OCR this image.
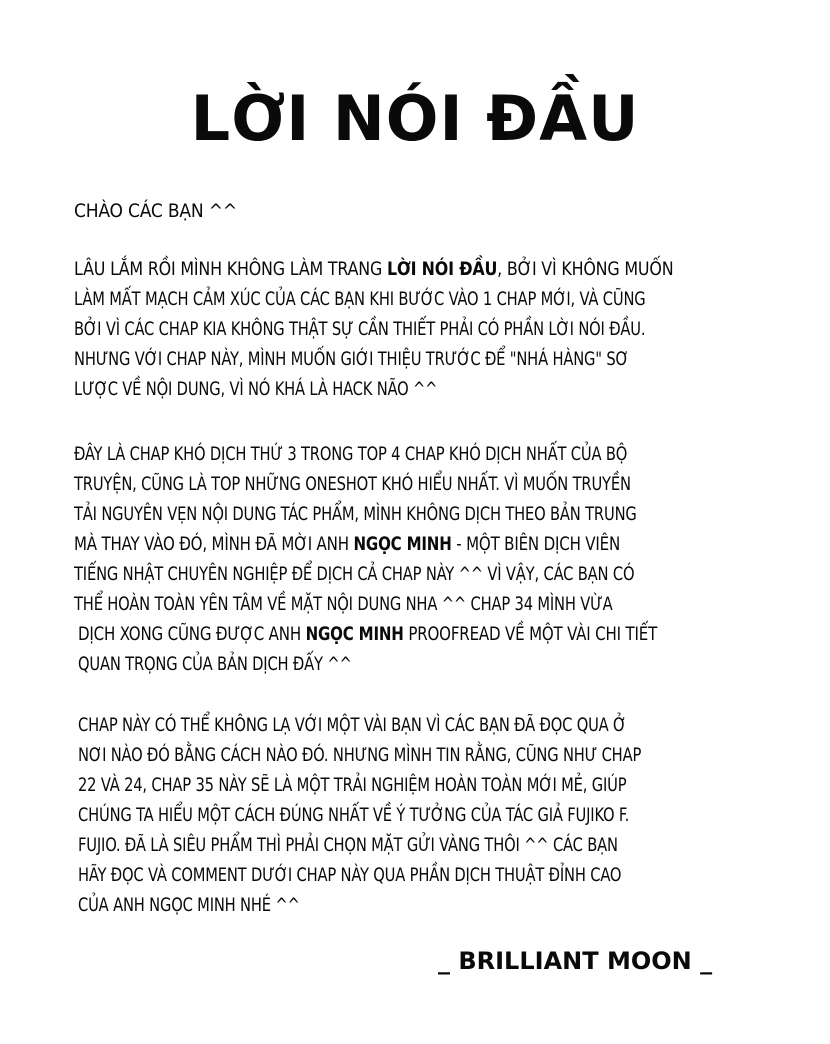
LỜI NÓI ĐẦU
CHÀO CÁC BẠN ^^
LÂU LẮM RỒI MÌNH KHÔNG LÀM TRANG LỜI NÓI ĐẦU, BỞI VÌ KHÔNG MUỐN
LÀM MẤT MẠCH CẢM XÚC CỦA CÁC BẠN KHI BƯỚC VÀO 1 CHAP MỚI, VÀ CŨNG
BỞI VÌ CÁC CHAP KIA KHÔNG THẬT SỰ CẦN THIẾT PHẢI CÓ PHẦN LỜI NÓI ĐẦU.
NHƯNG VỚI CHAP NÀY, MÌNH MUỐN GIỚI THIỆU TRƯỚC ĐỂ "NHÁ HÀNG" SƠ
LƯỢC VỀ NỘI DUNG, VÌ NÓ KHÁ LÀ HACK NÃO ^^
ĐÂY LÀ CHAP KHÓ DỊCH THỨ 3 TRONG TOP 4 CHAP KHÓ DỊCH NHẤT CỦA BỘ
TRUYỆN, CŨNG LÀ TOP NHỮNG ONESHOT KHÓ HIỂU NHẤT. VÌ MUỐN TRUYỀN
TẢI NGUYÊN VẸN NỘI DUNG TÁC PHẨM, MÌNH KHÔNG DỊCH THEO BẢN TRUNG
MÀ THAY VÀO ĐÓ, MÌNH ĐÃ MỜI ANH NGỌC MINH - MỘT BIÊN DỊCH VIÊN
TIẾNG NHẬT CHUYÊN NGHIỆP ĐỂ DỊCH CẢ CHAP NÀY ^^ VÌ VẬY, CÁC BẠN CÓ
THỂ HOÀN TOÀN YÊN TÂM VỀ MẶT NỘI DUNG NHA ^^ CHAP 34 MÌNH VỪA
DỊCH XONG CŨNG ĐƯỢC ANH NGỌC MINH PROOFREAD VỀ MỘT VÀI CHI TIẾT
QUAN TRỌNG CỦA BẢN DỊCH ĐẤY ^^
CHAP NÀY CÓ THỂ KHÔNG LẠ VỚI MỘT VÀI BẠN VÌ CÁC BẠN ĐÃ ĐỌC QUA Ở
NƠI NÀO ĐÓ BẰNG CÁCH NÀO ĐÓ. NHƯNG MÌNH TIN RẰNG, CŨNG NHƯ CHAP
22 VÀ 24, CHAP 35 NÀY SẼ LÀ MỘT TRẢI NGHIỆM HOÀN TOÀN MỚI MẺ, GIÚP
CHÚNG TA HIỂU MỘT CÁCH ĐÚNG NHẤT VỀ Ý TƯỞNG CỦA TÁC GIẢ FUJIKO F.
FUJIO. ĐÃ LÀ SIÊU PHẨM THÌ PHẢI CHỌN MẶT GỬI VÀNG THÔI ^^ CÁC BẠN
HÃY ĐỌC VÀ COMMENT DƯỚI CHAP NÀY QUA PHẦN DỊCH THUẬT ĐỈNH CAO
CỦA ANH NGỌC MINH NHÉ ^^
_ BRILLIANT MOON _
